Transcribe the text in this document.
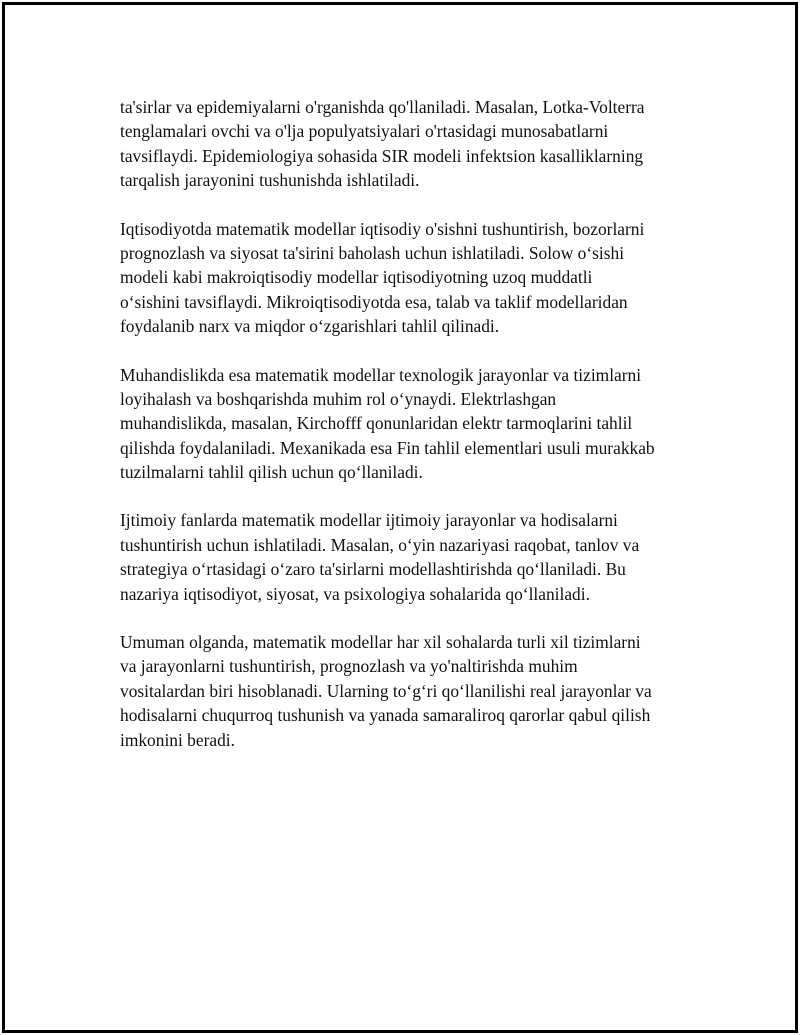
ta'sirlar va epidemiyalarni o'rganishda qo'llaniladi. Masalan, Lotka-Volterra
tenglamalari ovchi va o'lja populyatsiyalari o'rtasidagi munosabatlarni
tavsiflaydi. Epidemiologiya sohasida SIR modeli infektsion kasalliklarning
tarqalish jarayonini tushunishda ishlatiladi.
Iqtisodiyotda matematik modellar iqtisodiy o'sishni tushuntirish, bozorlarni
prognozlash va siyosat ta'sirini baholash uchun ishlatiladi. Solow o‘sishi
modeli kabi makroiqtisodiy modellar iqtisodiyotning uzoq muddatli
o‘sishini tavsiflaydi. Mikroiqtisodiyotda esa, talab va taklif modellaridan
foydalanib narx va miqdor o‘zgarishlari tahlil qilinadi.
Muhandislikda esa matematik modellar texnologik jarayonlar va tizimlarni
loyihalash va boshqarishda muhim rol o‘ynaydi. Elektrlashgan
muhandislikda, masalan, Kirchofff qonunlaridan elektr tarmoqlarini tahlil
qilishda foydalaniladi. Mexanikada esa Fin tahlil elementlari usuli murakkab
tuzilmalarni tahlil qilish uchun qo‘llaniladi.
Ijtimoiy fanlarda matematik modellar ijtimoiy jarayonlar va hodisalarni
tushuntirish uchun ishlatiladi. Masalan, o‘yin nazariyasi raqobat, tanlov va
strategiya o‘rtasidagi o‘zaro ta'sirlarni modellashtirishda qo‘llaniladi. Bu
nazariya iqtisodiyot, siyosat, va psixologiya sohalarida qo‘llaniladi.
Umuman olganda, matematik modellar har xil sohalarda turli xil tizimlarni
va jarayonlarni tushuntirish, prognozlash va yo'naltirishda muhim
vositalardan biri hisoblanadi. Ularning to‘g‘ri qo‘llanilishi real jarayonlar va
hodisalarni chuqurroq tushunish va yanada samaraliroq qarorlar qabul qilish
imkonini beradi.
